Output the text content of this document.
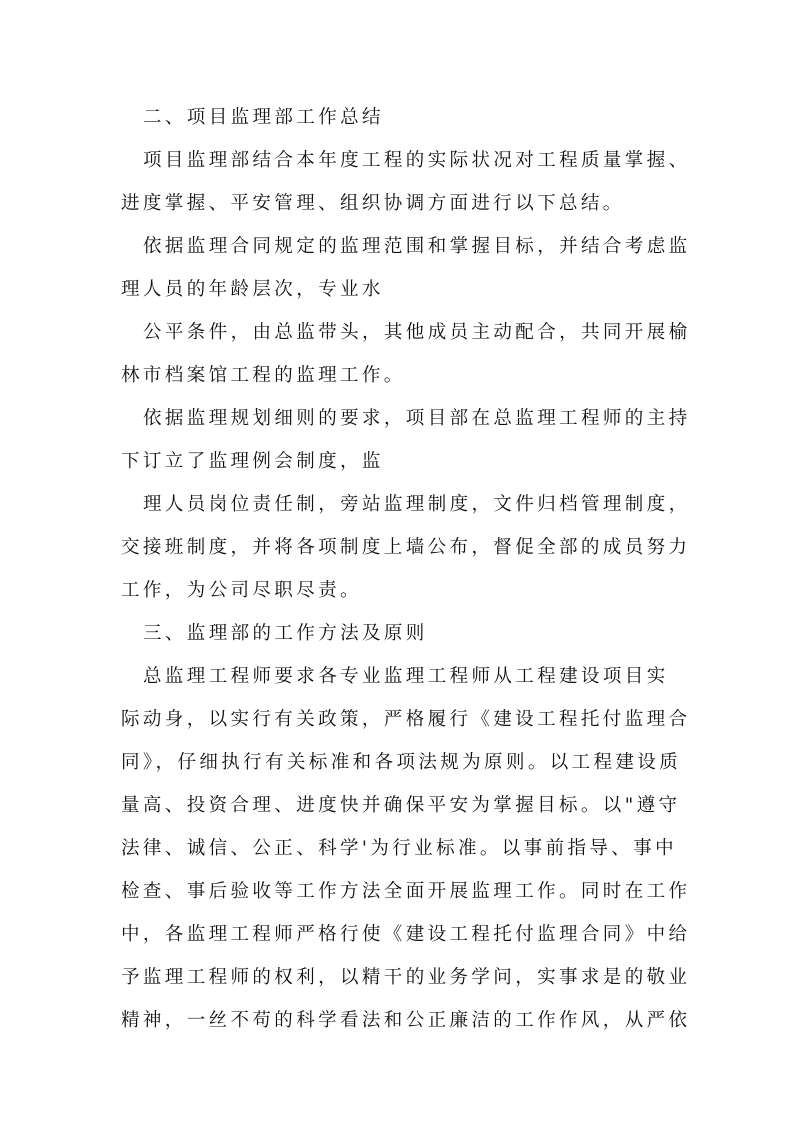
二、项目监理部工作总结
项目监理部结合本年度工程的实际状况对工程质量掌握、
进度掌握、平安管理、组织协调方面进行以下总结。
依据监理合同规定的监理范围和掌握目标，并结合考虑监
理人员的年龄层次，专业水
公平条件，由总监带头，其他成员主动配合，共同开展榆
林市档案馆工程的监理工作。
依据监理规划细则的要求，项目部在总监理工程师的主持
下订立了监理例会制度，监
理人员岗位责任制，旁站监理制度，文件归档管理制度，
交接班制度，并将各项制度上墙公布，督促全部的成员努力
工作，为公司尽职尽责。
三、监理部的工作方法及原则
总监理工程师要求各专业监理工程师从工程建设项目实
际动身，以实行有关政策，严格履行《建设工程托付监理合
同》，仔细执行有关标准和各项法规为原则。以工程建设质
量高、投资合理、进度快并确保平安为掌握目标。以"遵守
法律、诚信、公正、科学'为行业标准。以事前指导、事中
检查、事后验收等工作方法全面开展监理工作。同时在工作
中，各监理工程师严格行使《建设工程托付监理合同》中给
予监理工程师的权利，以精干的业务学问，实事求是的敬业
精神，一丝不苟的科学看法和公正廉洁的工作作风，从严依
